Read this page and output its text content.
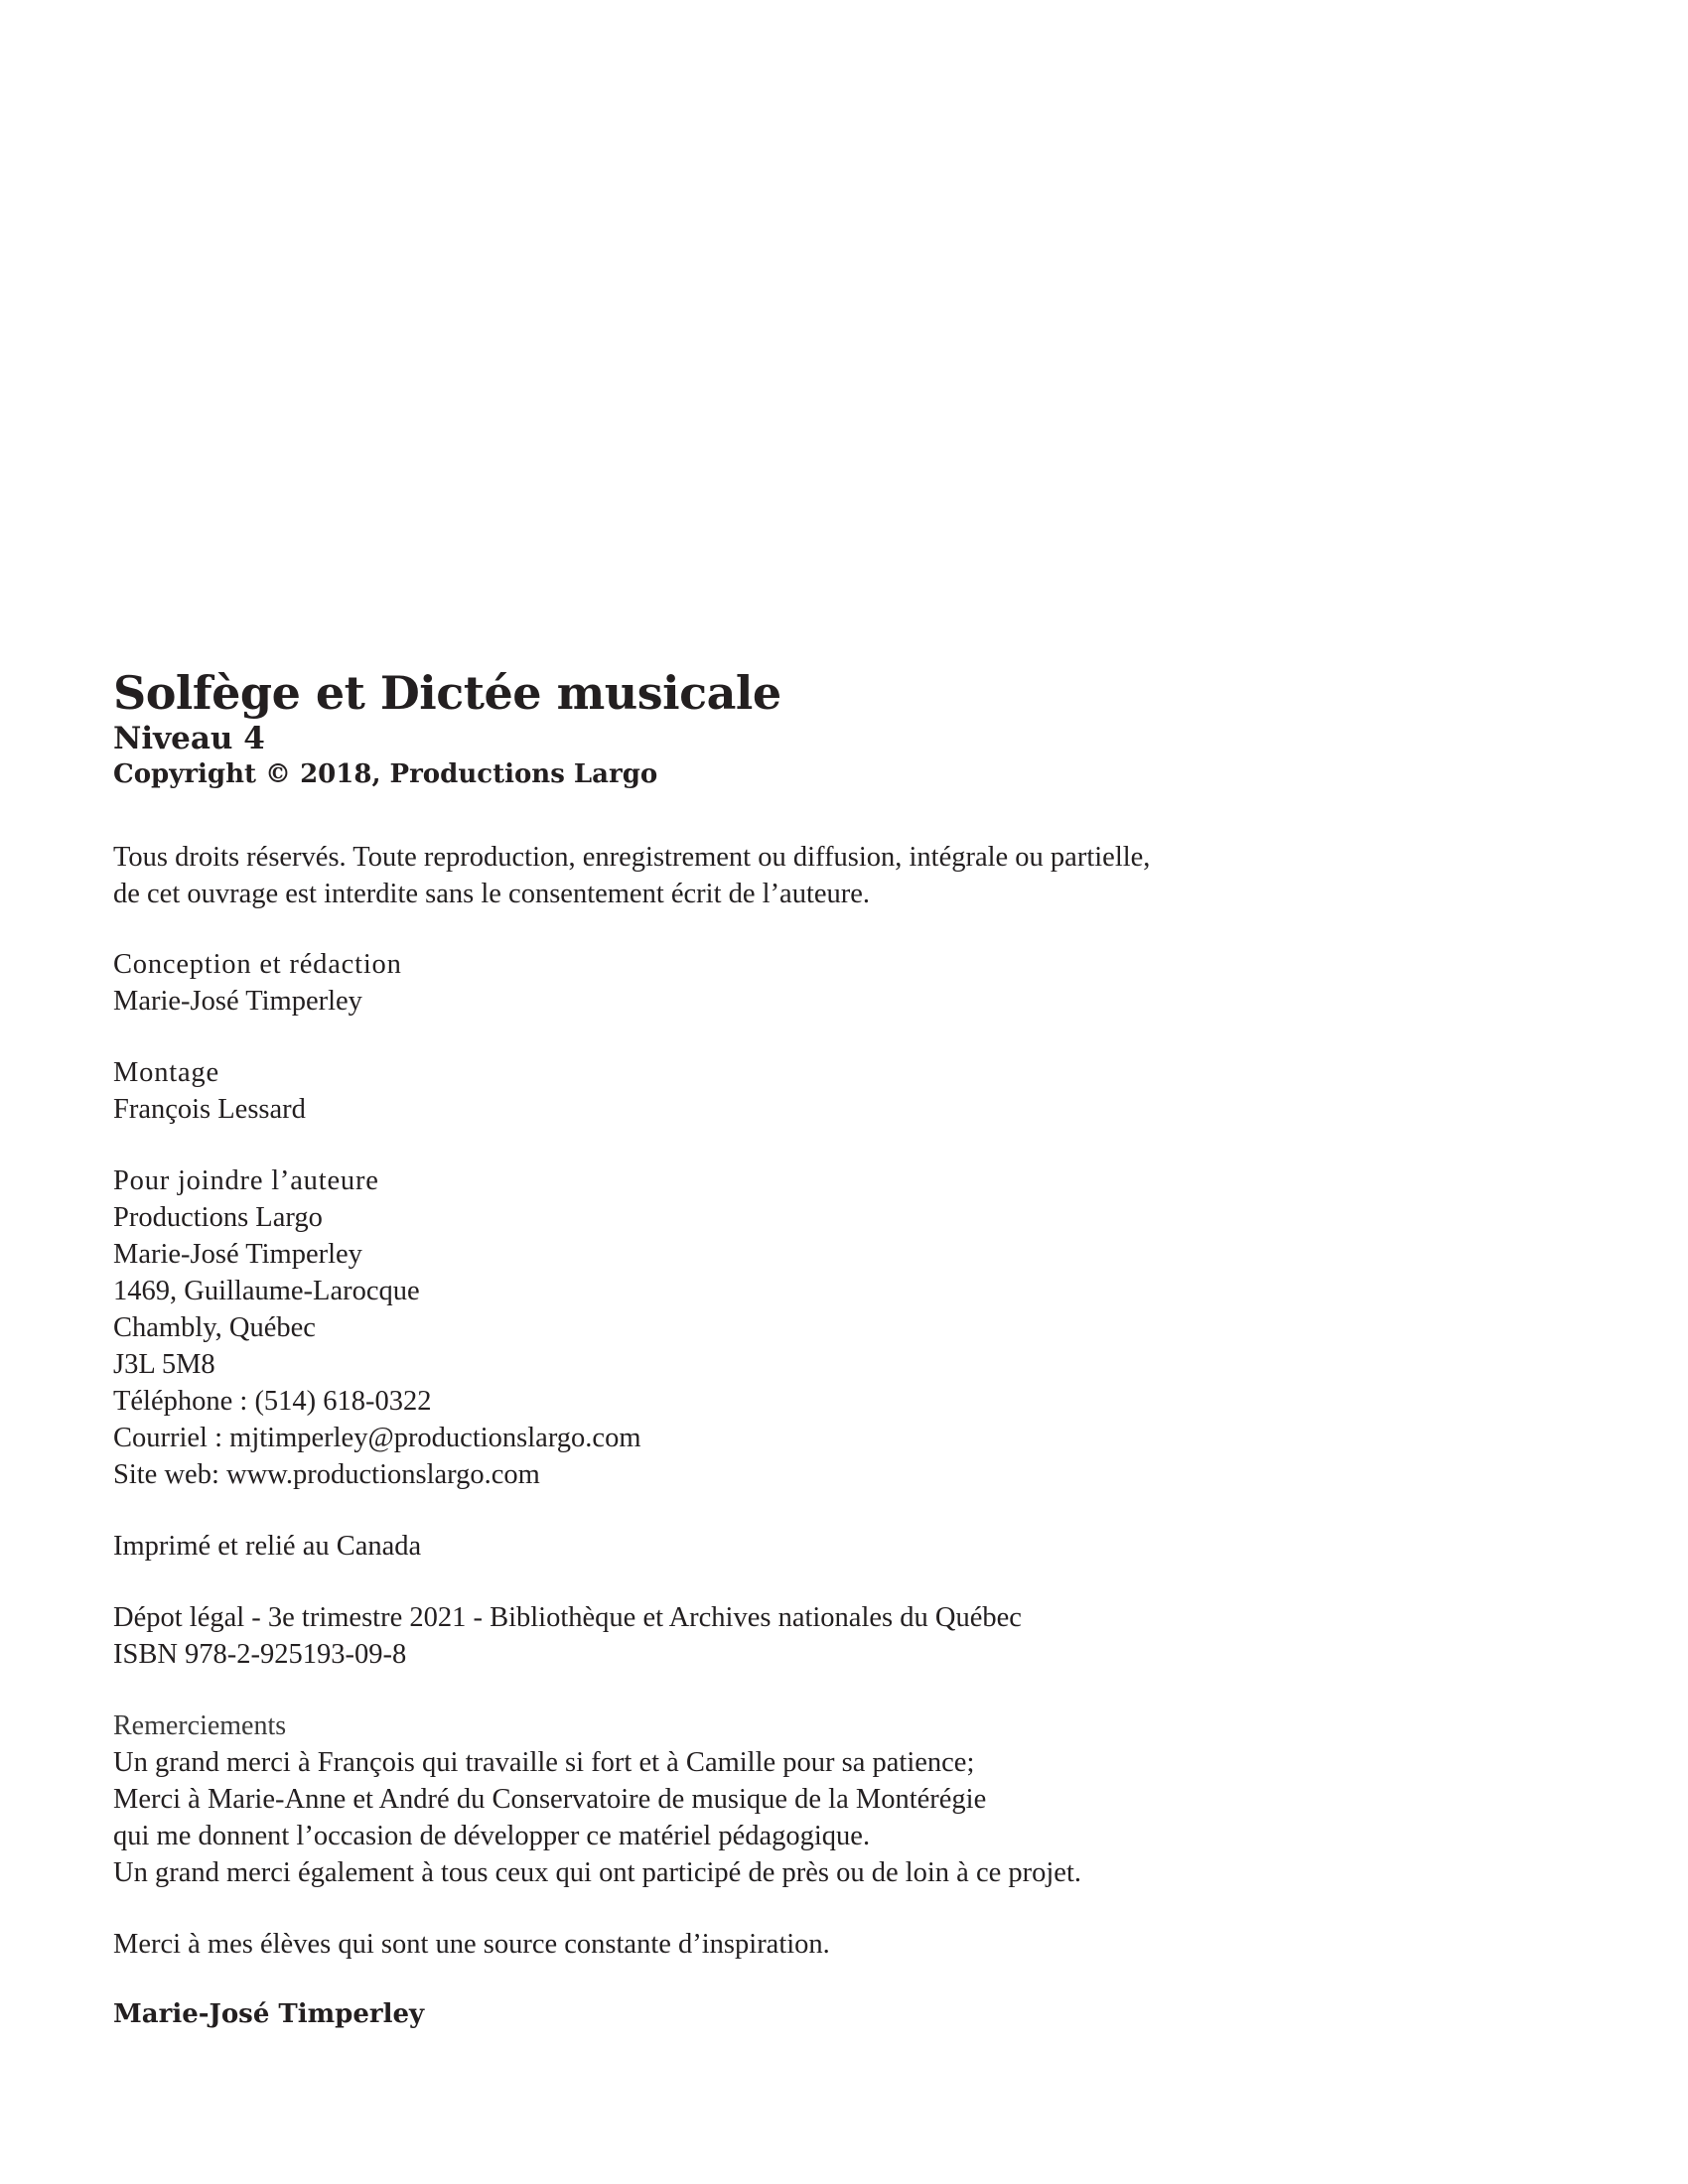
Solfège et Dictée musicale
Niveau 4
Copyright © 2018, Productions Largo

Tous droits réservés. Toute reproduction, enregistrement ou diffusion, intégrale ou partielle,
de cet ouvrage est interdite sans le consentement écrit de l’auteure.

Conception et rédaction

Marie-José Timperley

Montage

François Lessard

Pour joindre l’auteure

Productions Largo
Marie-José Timperley
1469, Guillaume-Larocque
Chambly, Québec
J3L 5M8
Téléphone : (514) 618-0322
Courriel : mjtimperley@productionslargo.com
Site web: www.productionslargo.com

Imprimé et relié au Canada

Dépot légal - 3e trimestre 2021 - Bibliothèque et Archives nationales du Québec

ISBN 978-2-925193-09-8

Remerciements

Un grand merci à François qui travaille si fort et à Camille pour sa patience;
Merci à Marie-Anne et André du Conservatoire de musique de la Montérégie
qui me donnent l’occasion de développer ce matériel pédagogique.
Un grand merci également à tous ceux qui ont participé de près ou de loin à ce projet.

Merci à mes élèves qui sont une source constante d’inspiration.

Marie-José Timperley
